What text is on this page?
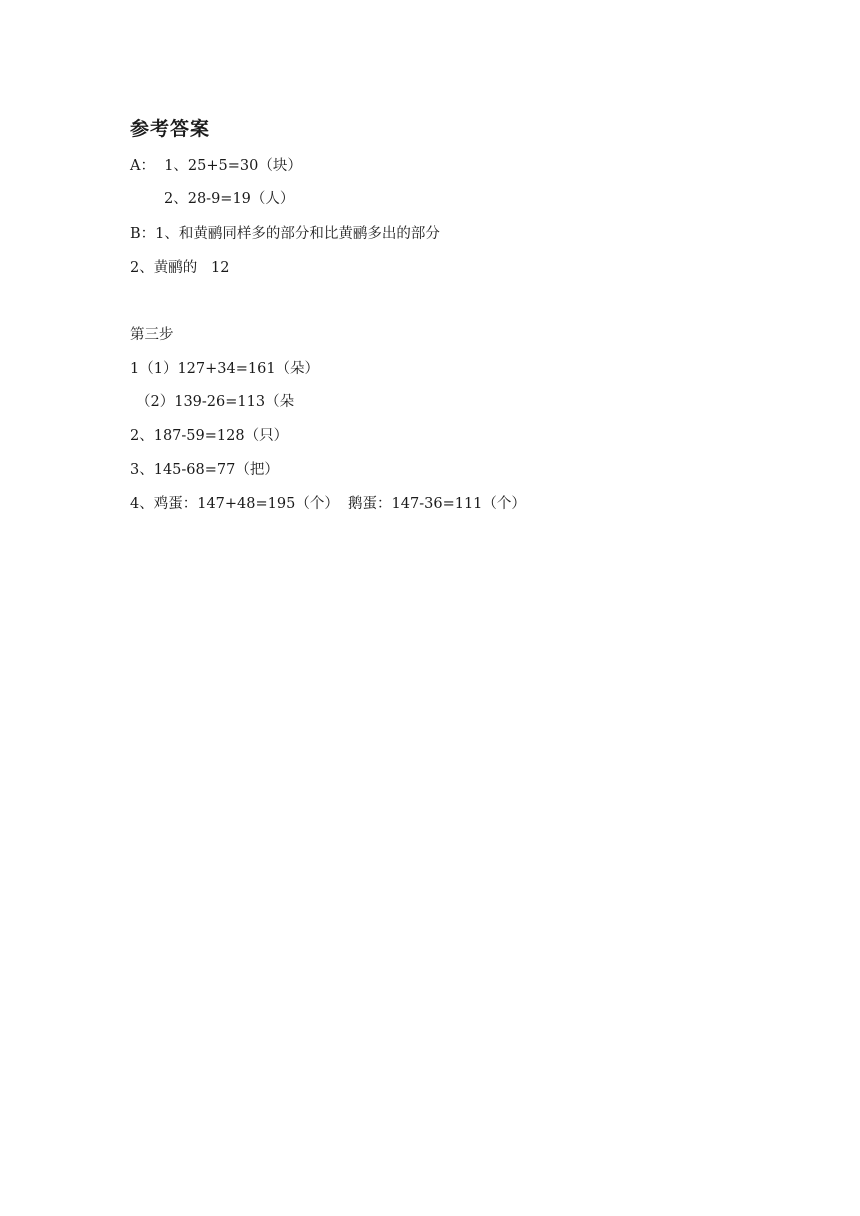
参考答案
A：  1、25+5=30（块）
2、28-9=19（人）
B：1、和黄鹂同样多的部分和比黄鹂多出的部分
2、黄鹂的   12
第三步
1（1）127+34=161（朵）
（2）139-26=113（朵
2、187-59=128（只）
3、145-68=77（把）
4、鸡蛋：147+48=195（个）  鹅蛋：147-36=111（个）
